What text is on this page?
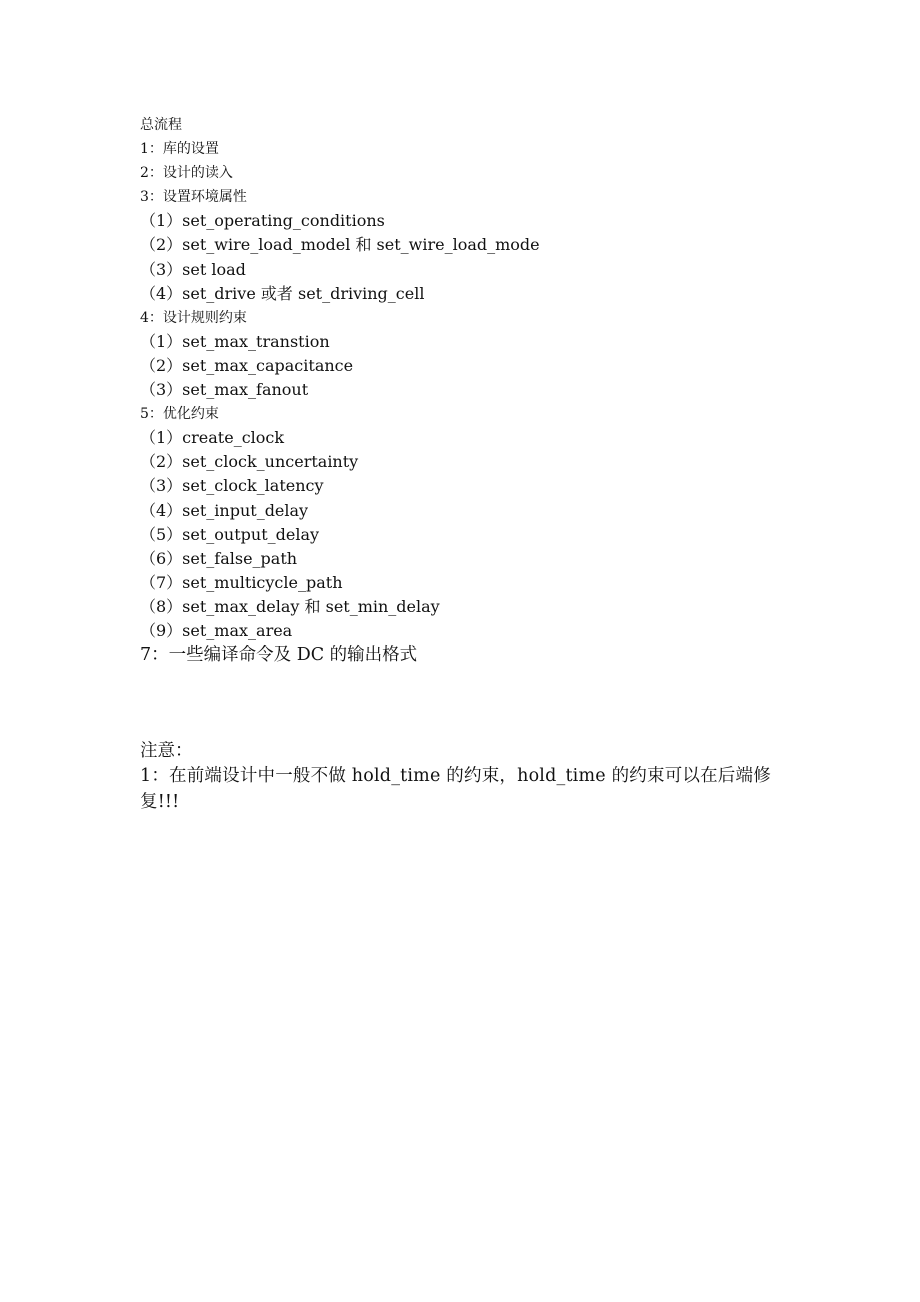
总流程
1：库的设置
2：设计的读入
3：设置环境属性
（1）set_operating_conditions
（2）set_wire_load_model 和 set_wire_load_mode
（3）set load
（4）set_drive 或者 set_driving_cell
4：设计规则约束
（1）set_max_transtion
（2）set_max_capacitance
（3）set_max_fanout
5：优化约束
（1）create_clock
（2）set_clock_uncertainty
（3）set_clock_latency
（4）set_input_delay
（5）set_output_delay
（6）set_false_path
（7）set_multicycle_path
（8）set_max_delay 和 set_min_delay
（9）set_max_area
7：一些编译命令及 DC 的输出格式
注意：
1：在前端设计中一般不做 hold_time 的约束，hold_time 的约束可以在后端修复!!!
